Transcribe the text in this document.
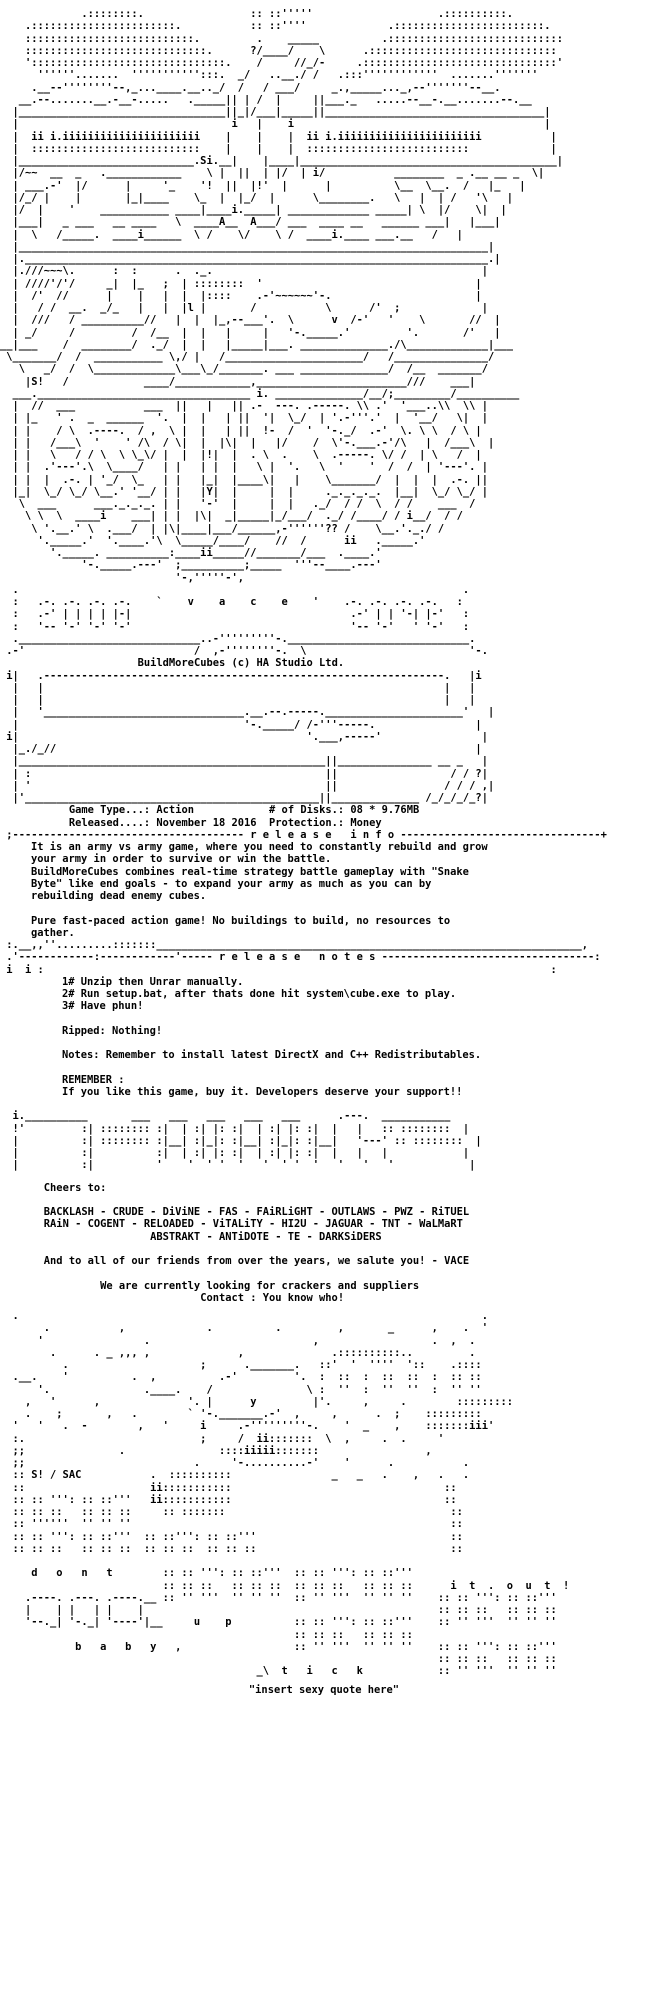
.::::::::.                 :: ::'''''                    .::::::::::.
.:::::::::::::::::::::::.           :: ::''''             .::::::::::::::::::::::::.
:::::::::::::::::::::::::::.         .    _____          .::::::::::::::::::::::::::::
:::::::::::::::::::::::::::::.      ?/____/    \      .::::::::::::::::::::::::::::::
':::::::::::::::::::::::::::::::.    /     //_/-     .:::::::::::::::::::::::::::::::'
''''''.......  ''''''''''':::.  _/   ..__./ /   .:::''''''''''''  .......'''''''
.__--''''''''--,_...____.__.._/  /   / ___/     _.,_____..._,--'''''''--__.
__.--.......__.-__-.....   ._____|| | /  |     ||___._   .....--__-.__.......--.__
|_________________________________||_|/___|_____||___________________________________|
|                                  i   |    i                                        |
|  ii i.iiiiiiiiiiiiiiiiiiiiii    |    |    |  ii i.iiiiiiiiiiiiiiiiiiiiiii           |
|  :::::::::::::::::::::::::::    |    |    |  ::::::::::::::::::::::::::             |
|____________________________.Si.__|    |____|_________________________________________|
|/~~  __  _   .____________    \ |  ||  | |/  | i/           ________  _ .__ __ _  \|
| ___.-'  |/      |     '_    '!  ||  |!'  |      |          \__  \__.  /   |_   |
|/_/ |    |       |_|____    \_  |  |_/  |      \________.   \   |  | /   '\   |
|/  |    '    ___________ ____|____i._____| _____________ _____| \  |/    \|  |
|___|   _ ___   __ ____   \  ____A__  A___/ ___  ____ __   ______ ___|   |___|
|  \   /_____.  ____i______  \ /    \/    \ /  ____i.____ ___.__   /   |
|___________________________________________________________________________|
|.__________________________________________________________________________.|
|.///~~~\.      :  :      .  ._.                                           |
| ////'/'/     _|  |_   ;  | ::::::::  '                                  |
|  /'  //      |    |   |  |  |::::    .-'~~~~~~'-.                       |
|   / /  __.  _/_   |   |  |l |       /           \      /'  ;             |
|  ///   / __________//   |  |  |_,--___'.  \      v  /-'   '    \       //  |
| _/     /         /  /__  |  |   |     |   '-._____.'         '.       /'   |
__|___    /  ________/  ._/  |  |   |_____|___. ______________./\_____________|___
\_______/  /  ___________ \,/ |   /______________________/   /_______________/
\   _/  /  \_____________\___\_/_______. ___ ______________/  /__  _______/
|S!   /            ____/____________,________________________///    ___|
___.__________________________________ i. ______________/__/;_________/__________
|  //  ___           ___  ||   |   || .-  ---. .-----. \\ .'  '___..\\  \\ |
| |_   ' .  _  ______  '.  |  |   | ||  '|  \_/  | '.-'''.'  |  '__/   \|  |
| |    / \  .----.  / ,  \ |  |   | ||  !-  /  '  '-._/  .-'  \. \ \  / \ |
| |   /___\  '    ' /\  / \|  |  |\|  |   |/    /  \'-.___.-'/\   |  /___\  |
| |   \   / / \  \ \_\/ |  |  |!|  |  . \  .    \  .-----. \/ /  | \   /  |
| |  .'---'.\  \____/   | |   | |  |   \ |  '.   \  '    '  /  /  | '---'. |
| |  |  .-. | '_/  \_   | |   |_|  |____\|   |    \_______/  |  |  |  .-. ||
|_|  \_/ \_/ \__.' '__/ | |   |Y|  |     |  |     ._._._._.  |__|  \_/ \_/ |
\  ___      ___._._._. | |   '-'  |     |  |   ._/  / /  \  / /    ___  /
\ \  \  ____i    ___| | |  |\|  _|_____|_/___/  ._/ /____/ / i__/  / /
\ '.__.' \  .___/  | |\|____|___/______,-''''''?? /    \__.'._./ /
'._____.'  '.____.'\  \_____/____/    //  /      ii   ._____.'
'._____. __________:____ii_____//_______/___  .____.'
'-._____.---'  ;__________;_____  '''--____.---'
'-,'''''-',
.                                                                       .
:   .-. .-. .-. .-.    `    v    a    c    e    '    .-. .-. .-. .-.   :
:   .-' | | | | |-|                                   .-' | | '-| |-'   :
:   '-- '-' '-' '-'                                   '-- '-'   ' '-'   :
._____________________________..-'''''''''-._____________________________.
.-'                           /  ,-''''''''-.  \                          '-.
BuildMoreCubes (c) HA Studio Ltd.
i|   .----------------------------------------------------------------.   |i
|   |                                                                |   |
|   |                                                                |   |
|   '________________________________.__.--.-----.______________________'   |
|                                    '-._____/ /-'''-----.                |
i|                                              '.___,-----'                |
|_./_//                                                                   |
|_________________________________________________||_______________ __ _   |
| :                                               ||                  / / ?|
| '                                               ||                 / / / ,|
|'_______________________________________________||______________ /_/_/_/_?|
Game Type...: Action	# of Disks.: 08 * 9.76MB
Released....: November 18 2016 Protection.: Money
;------------------------------------- r e l e a s e   i n f o --------------------------------+
It is an army vs army game, where you need to constantly rebuild and grow
your army in order to survive or win the battle.
BuildMoreCubes combines real-time strategy battle gameplay with "Snake
Byte" like end goals - to expand your army as much as you can by
rebuilding dead enemy cubes.

Pure fast-paced action game! No buildings to build, no resources to
gather.
:.__,,''.........:::::::____________________________________________________________________,
.'------------:------------'----- r e l e a s e   n o t e s ----------------------------------:
i  i :                                                                                 :
1# Unzip then Unrar manually.
2# Run setup.bat, after thats done hit system\cube.exe to play.
3# Have phun!

Ripped: Nothing!

Notes: Remember to install latest DirectX and C++ Redistributables.

REMEMBER :
If you like this game, buy it. Developers deserve your support!!
i.__________       ___   ___   ___   ___   ___      .---.  ___________
!'         :| :::::::: :|  | :| |: :|  | :| |: :|  |   |   :: ::::::::  |
|          :| :::::::: :|__| :|_|: :|__| :|_|: :|__|   '---' :: ::::::::  |
|          :|          :|  | :| |: :|  | :| |: :|  |   |   |            |
|          :|          '    '  ' '  '   '  ' '  '   '   '   '            |
Cheers to:

BACKLASH - CRUDE - DiViNE - FAS - FAiRLiGHT - OUTLAWS - PWZ - RiTUEL
RAiN - COGENT - RELOADED - ViTALiTY - HI2U - JAGUAR - TNT - WaLMaRT
ABSTRAKT - ANTiDOTE - TE - DARKSiDERS

And to all of our friends from over the years, we salute you! - VACE

We are currently looking for crackers and suppliers
Contact : You know who!
.                                                                          .
.           ,             .          .         ,       _      ,    .  '
'                .                          ,                  .  ,  .
.      . _ ,,, ,              ,              .::::::::::..         .
.                     ;      ._______.   ::'  '  ''''  '::    .::::
.__.    '          .  ,          .-'         '.  :  ::  :  ::  ::  :  :: ::
'.               .____.    /               \ :  ''  :  ''  ''  :  '' ''
,   '      ,              '. |      y         |'.     ,     .        :::::::::
.    ;       ,   .        ` '-._______.-'  ,     ,      .  ;    :::::::::
'   '   .  -        ,   '     i     .-'''''''''-.    '  _    ,    :::::::iii'
:.                            ;     /  ii:::::::  \  ,     .  .     '
;;               .               ::::iiiii:::::::                 ,
;;                           .     '-..........-'    '      .           .
:: S! / SAC           .  ::::::::::                _   _   .    ,   .   .
::                    ii:::::::::::                                  ::
:: :: ''': :: ::'''   ii:::::::::::                                  ::
:: :: ::   :: :: ::     :: :::::::                                    ::
:: ''''''  '' '' ''                                                   ::
:: :: ''': :: ::'''  :: ::''': :: ::'''                               ::
:: :: ::   :: :: ::  :: :: ::  :: :: ::                               ::

d   o   n   t        :: :: ''': :: ::'''  :: :: ''': :: ::'''
:: :: ::   :: :: ::  :: :: ::   :: :: ::      i  t  .  o  u  t  !
.----. .---. .----.__ :: '' '''  '' '' ''  :: '' '''  '' '' ''    :: :: ''': :: ::'''
|    | |   | |    |                                               :: :: ::   :: :: ::
'--._| '-._| '----'|__     u    p          :: :: ''': :: ::'''    :: '' '''  '' '' ''
:: :: ::   :: :: ::
b   a   b   y   ,                  :: '' '''  '' '' ''    :: :: ''': :: ::'''
:: :: ::   :: :: ::
_\  t   i   c   k            :: '' '''  '' '' ''
"insert sexy quote here"
